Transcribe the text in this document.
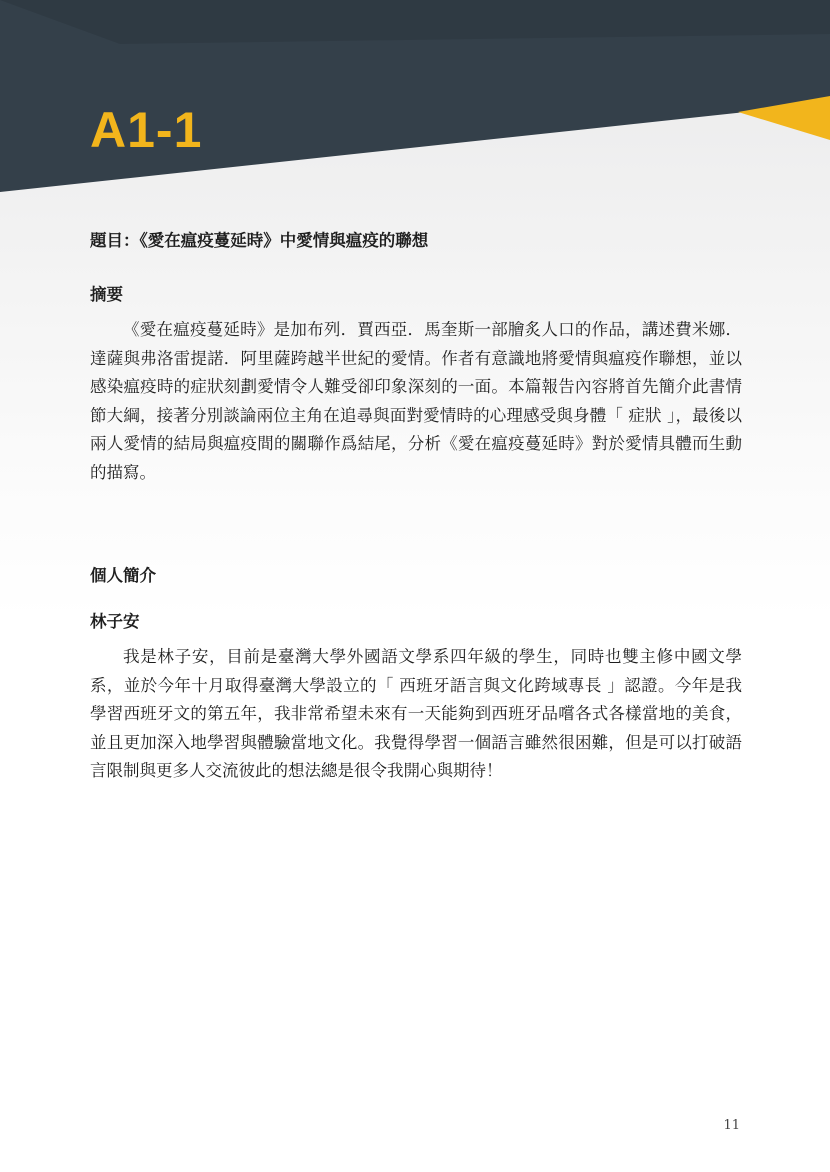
A1-1
題目：《愛在瘟疫蔓延時》中愛情與瘟疫的聯想
摘要

《愛在瘟疫蔓延時》是加布列．賈西亞．馬奎斯一部膾炙人口的作品，講述費米娜．達薩與弗洛雷提諾．阿里薩跨越半世紀的愛情。作者有意識地將愛情與瘟疫作聯想，並以感染瘟疫時的症狀刻劃愛情令人難受卻印象深刻的一面。本篇報告內容將首先簡介此書情節大綱，接著分別談論兩位主角在追尋與面對愛情時的心理感受與身體「 症狀 」，最後以兩人愛情的結局與瘟疫間的關聯作爲結尾，分析《愛在瘟疫蔓延時》對於愛情具體而生動的描寫。

個人簡介
林子安

我是林子安，目前是臺灣大學外國語文學系四年級的學生，同時也雙主修中國文學系，並於今年十月取得臺灣大學設立的「 西班牙語言與文化跨域專長 」認證。今年是我學習西班牙文的第五年，我非常希望未來有一天能夠到西班牙品嚐各式各樣當地的美食，並且更加深入地學習與體驗當地文化。我覺得學習一個語言雖然很困難，但是可以打破語言限制與更多人交流彼此的想法總是很令我開心與期待！

11
